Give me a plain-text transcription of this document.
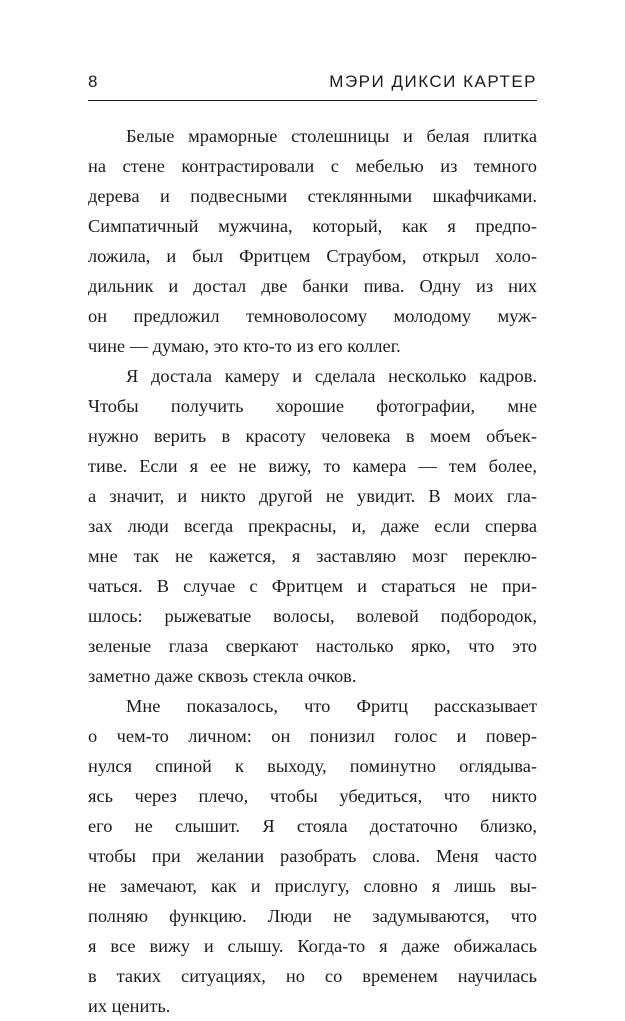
8	МЭРИ ДИКСИ КАРТЕР
Белые мраморные столешницы и белая плитка
на стене контрастировали с мебелью из темного
дерева и подвесными стеклянными шкафчиками.
Симпатичный мужчина, который, как я предпо-
ложила, и был Фритцем Страубом, открыл холо-
дильник и достал две банки пива. Одну из них
он предложил темноволосому молодому муж-
чине — думаю, это кто-то из его коллег.
Я достала камеру и сделала несколько кадров.
Чтобы получить хорошие фотографии, мне
нужно верить в красоту человека в моем объек-
тиве. Если я ее не вижу, то камера — тем более,
а значит, и никто другой не увидит. В моих гла-
зах люди всегда прекрасны, и, даже если сперва
мне так не кажется, я заставляю мозг переклю-
чаться. В случае с Фритцем и стараться не при-
шлось: рыжеватые волосы, волевой подбородок,
зеленые глаза сверкают настолько ярко, что это
заметно даже сквозь стекла очков.
Мне показалось, что Фритц рассказывает
о чем-то личном: он понизил голос и повер-
нулся спиной к выходу, поминутно оглядыва-
ясь через плечо, чтобы убедиться, что никто
его не слышит. Я стояла достаточно близко,
чтобы при желании разобрать слова. Меня часто
не замечают, как и прислугу, словно я лишь вы-
полняю функцию. Люди не задумываются, что
я все вижу и слышу. Когда-то я даже обижалась
в таких ситуациях, но со временем научилась
их ценить.
